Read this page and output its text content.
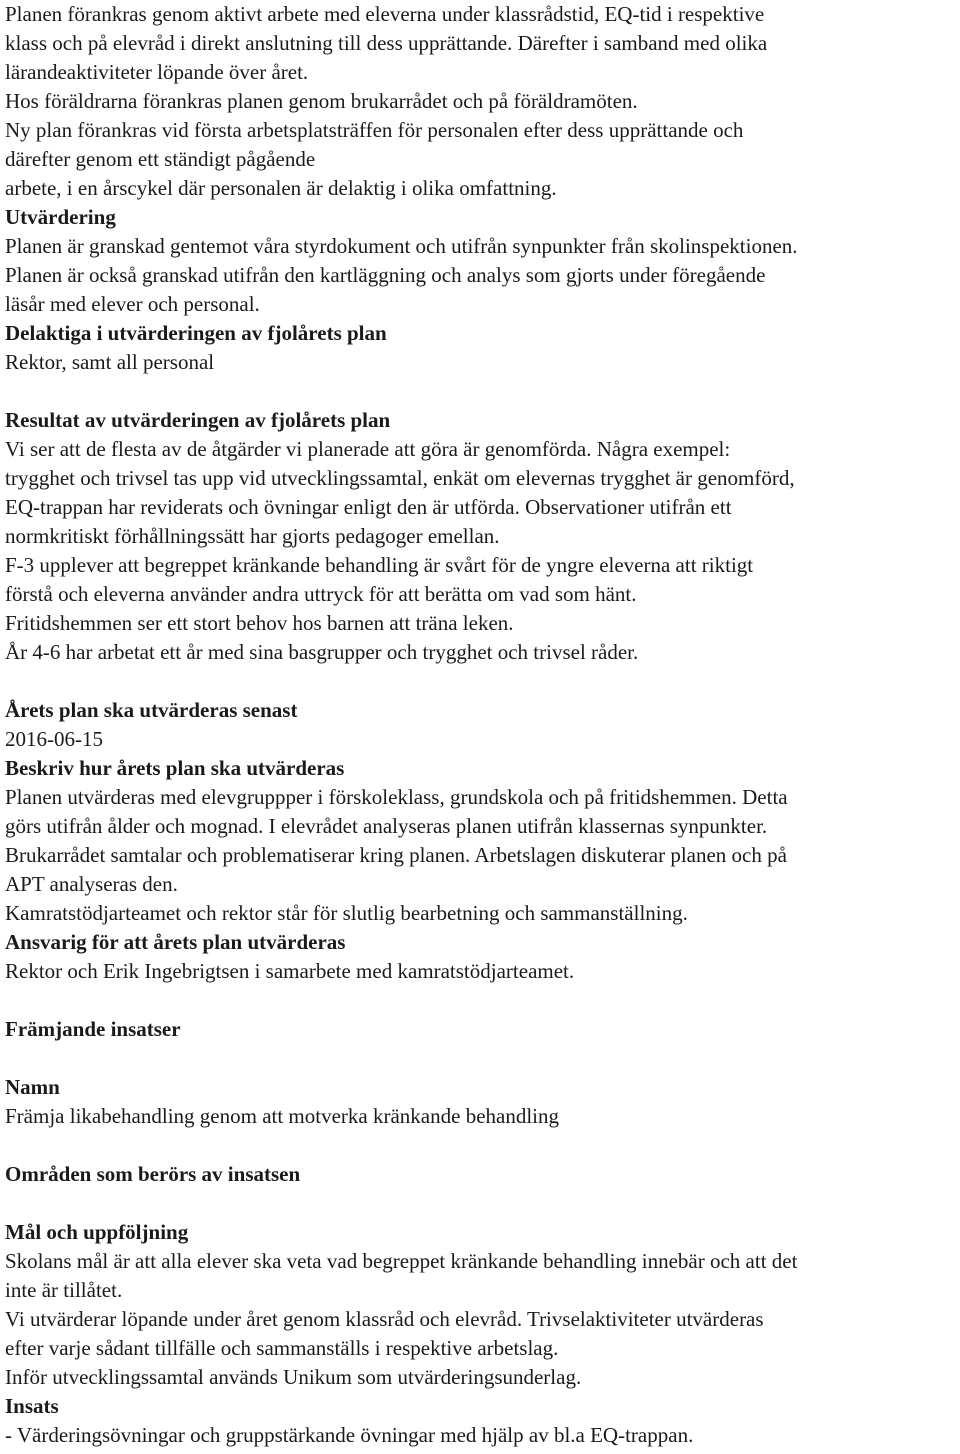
Planen förankras genom aktivt arbete med eleverna under klassrådstid, EQ-tid i respektive
klass och på elevråd i direkt anslutning till dess upprättande. Därefter i samband med olika
lärandeaktiviteter löpande över året.
Hos föräldrarna förankras planen genom brukarrådet och på föräldramöten.
Ny plan förankras vid första arbetsplatsträffen för personalen efter dess upprättande och
därefter genom ett ständigt pågående
arbete, i en årscykel där personalen är delaktig i olika omfattning.
Utvärdering
Planen är granskad gentemot våra styrdokument och utifrån synpunkter från skolinspektionen.
Planen är också granskad utifrån den kartläggning och analys som gjorts under föregående
läsår med elever och personal.
Delaktiga i utvärderingen av fjolårets plan
Rektor, samt all personal
Resultat av utvärderingen av fjolårets plan
Vi ser att de flesta av de åtgärder vi planerade att göra är genomförda. Några exempel:
trygghet och trivsel tas upp vid utvecklingssamtal, enkät om elevernas trygghet är genomförd,
EQ-trappan har reviderats och övningar enligt den är utförda. Observationer utifrån ett
normkritiskt förhållningssätt har gjorts pedagoger emellan.
F-3 upplever att begreppet kränkande behandling är svårt för de yngre eleverna att riktigt
förstå och eleverna använder andra uttryck för att berätta om vad som hänt.
Fritidshemmen ser ett stort behov hos barnen att träna leken.
År 4-6 har arbetat ett år med sina basgrupper och trygghet och trivsel råder.
Årets plan ska utvärderas senast
2016-06-15
Beskriv hur årets plan ska utvärderas
Planen utvärderas med elevgruppper i förskoleklass, grundskola och på fritidshemmen. Detta
görs utifrån ålder och mognad. I elevrådet analyseras planen utifrån klassernas synpunkter.
Brukarrådet samtalar och problematiserar kring planen. Arbetslagen diskuterar planen och på
APT analyseras den.
Kamratstödjarteamet och rektor står för slutlig bearbetning och sammanställning.
Ansvarig för att årets plan utvärderas
Rektor och Erik Ingebrigtsen i samarbete med kamratstödjarteamet.
Främjande insatser
Namn
Främja likabehandling genom att motverka kränkande behandling
Områden som berörs av insatsen
Mål och uppföljning
Skolans mål är att alla elever ska veta vad begreppet kränkande behandling innebär och att det
inte är tillåtet.
Vi utvärderar löpande under året genom klassråd och elevråd. Trivselaktiviteter utvärderas
efter varje sådant tillfälle och sammanställs i respektive arbetslag.
Inför utvecklingssamtal används Unikum som utvärderingsunderlag.
Insats
- Värderingsövningar och gruppstärkande övningar med hjälp av bl.a EQ-trappan.
